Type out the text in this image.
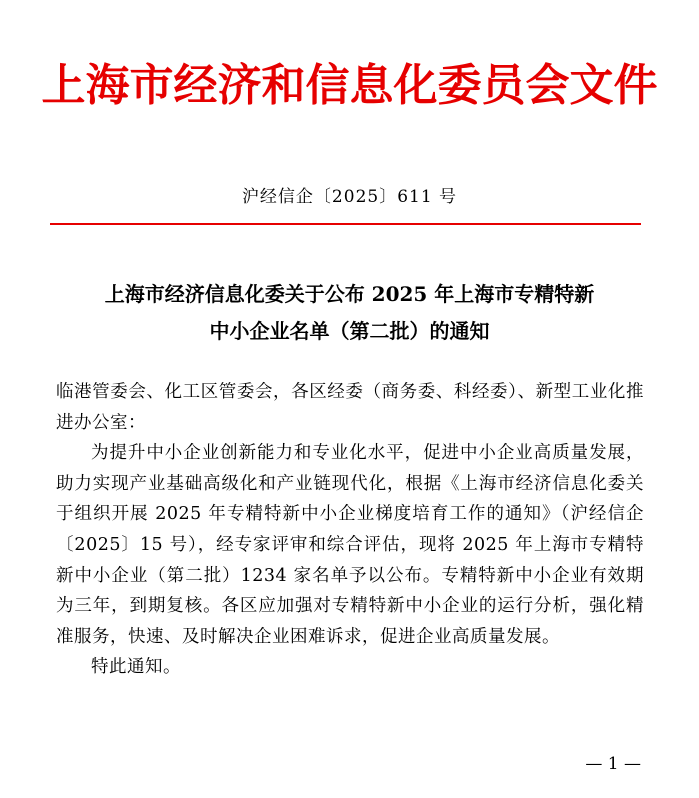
上海市经济和信息化委员会文件
沪经信企〔2025〕611 号
上海市经济信息化委关于公布 2025 年上海市专精特新
中小企业名单（第二批）的通知

临港管委会、化工区管委会，各区经委（商务委、科经委）、新型工业化推进办公室：

为提升中小企业创新能力和专业化水平，促进中小企业高质量发展，助力实现产业基础高级化和产业链现代化，根据《上海市经济信息化委关于组织开展 2025 年专精特新中小企业梯度培育工作的通知》（沪经信企〔2025〕15 号），经专家评审和综合评估，现将 2025 年上海市专精特新中小企业（第二批）1234 家名单予以公布。专精特新中小企业有效期为三年，到期复核。各区应加强对专精特新中小企业的运行分析，强化精准服务，快速、及时解决企业困难诉求，促进企业高质量发展。

特此通知。

— 1 —
